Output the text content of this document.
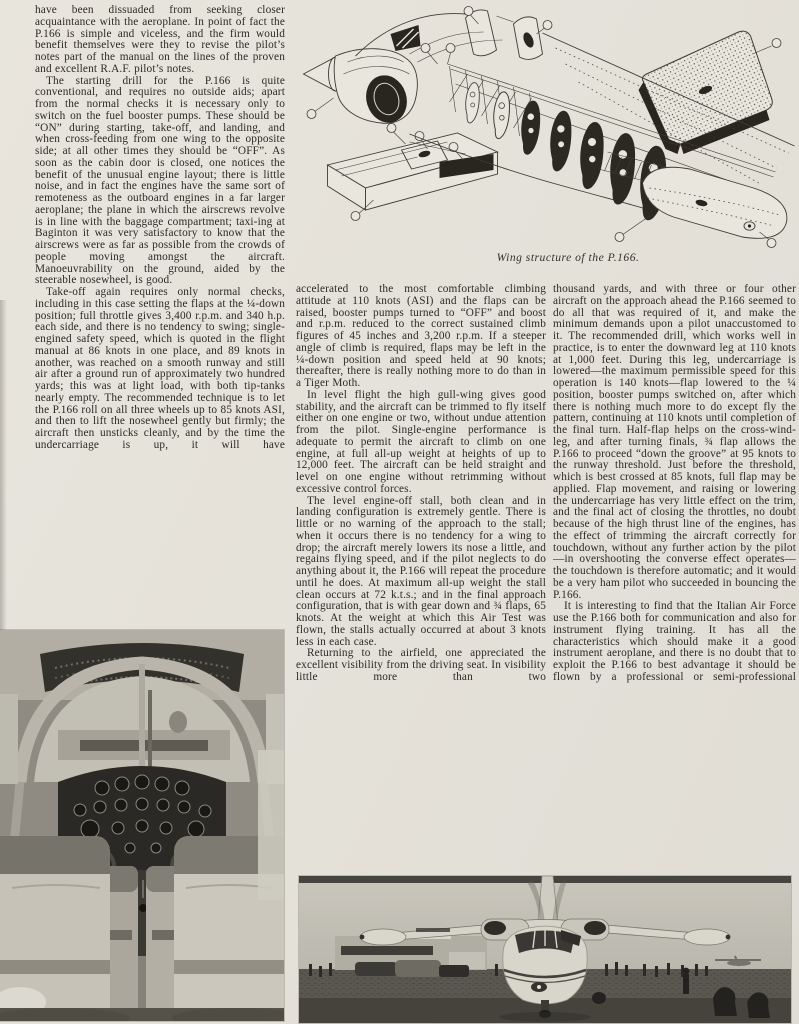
have been dissuaded from seeking closer acquaintance with the aeroplane. In point of fact the P.166 is simple and viceless, and the firm would benefit themselves were they to revise the pilot’s notes part of the manual on the lines of the proven and excellent R.A.F. pilot’s notes.

The starting drill for the P.166 is quite conventional, and requires no outside aids; apart from the normal checks it is necessary only to switch on the fuel booster pumps. These should be “ON” during starting, take-off, and landing, and when cross-feeding from one wing to the opposite side; at all other times they should be “OFF”. As soon as the cabin door is closed, one notices the benefit of the unusual engine layout; there is little noise, and in fact the engines have the same sort of remoteness as the outboard engines in a far larger aeroplane; the plane in which the airscrews revolve is in line with the baggage compartment; taxi-ing at Baginton it was very satisfactory to know that the airscrews were as far as possible from the crowds of people moving amongst the aircraft. Manoeuvrability on the ground, aided by the steerable nosewheel, is good.

Take-off again requires only normal checks, including in this case setting the flaps at the ¼-down position; full throttle gives 3,400 r.p.m. and 340 h.p. each side, and there is no tendency to swing; single-engined safety speed, which is quoted in the flight manual at 86 knots in one place, and 89 knots in another, was reached on a smooth runway and still air after a ground run of approximately two hundred yards; this was at light load, with both tip-tanks nearly empty. The recommended technique is to let the P.166 roll on all three wheels up to 85 knots ASI, and then to lift the nosewheel gently but firmly; the aircraft then unsticks cleanly, and by the time the undercarriage is up, it will have

Wing structure of the P.166.

accelerated to the most comfortable climbing attitude at 110 knots (ASI) and the flaps can be raised, booster pumps turned to “OFF” and boost and r.p.m. reduced to the correct sustained climb figures of 45 inches and 3,200 r.p.m. If a steeper angle of climb is required, flaps may be left in the ¼-down position and speed held at 90 knots; thereafter, there is really nothing more to do than in a Tiger Moth.

In level flight the high gull-wing gives good stability, and the aircraft can be trimmed to fly itself either on one engine or two, without undue attention from the pilot. Single-engine performance is adequate to permit the aircraft to climb on one engine, at full all-up weight at heights of up to 12,000 feet. The aircraft can be held straight and level on one engine without retrimming without excessive control forces.

The level engine-off stall, both clean and in landing configuration is extremely gentle. There is little or no warning of the approach to the stall; when it occurs there is no tendency for a wing to drop; the aircraft merely lowers its nose a little, and regains flying speed, and if the pilot neglects to do anything about it, the P.166 will repeat the procedure until he does. At maximum all-up weight the stall clean occurs at 72 k.t.s.; and in the final approach configuration, that is with gear down and ¾ flaps, 65 knots. At the weight at which this Air Test was flown, the stalls actually occurred at about 3 knots less in each case.

Returning to the airfield, one appreciated the excellent visibility from the driving seat. In visibility little more than two

thousand yards, and with three or four other aircraft on the approach ahead the P.166 seemed to do all that was required of it, and make the minimum demands upon a pilot unaccustomed to it. The recommended drill, which works well in practice, is to enter the downward leg at 110 knots at 1,000 feet. During this leg, undercarriage is lowered—the maximum permissible speed for this operation is 140 knots—flap lowered to the ¼ position, booster pumps switched on, after which there is nothing much more to do except fly the pattern, continuing at 110 knots until completion of the final turn. Half-flap helps on the cross-wind-leg, and after turning finals, ¾ flap allows the P.166 to proceed “down the groove” at 95 knots to the runway threshold. Just before the threshold, which is best crossed at 85 knots, full flap may be applied. Flap movement, and raising or lowering the undercarriage has very little effect on the trim, and the final act of closing the throttles, no doubt because of the high thrust line of the engines, has the effect of trimming the aircraft correctly for touchdown, without any further action by the pilot—in overshooting the converse effect operates—the touchdown is therefore automatic; and it would be a very ham pilot who succeeded in bouncing the P.166.

It is interesting to find that the Italian Air Force use the P.166 both for communication and also for instrument flying training. It has all the characteristics which should make it a good instrument aeroplane, and there is no doubt that to exploit the P.166 to best advantage it should be flown by a professional or semi-professional
